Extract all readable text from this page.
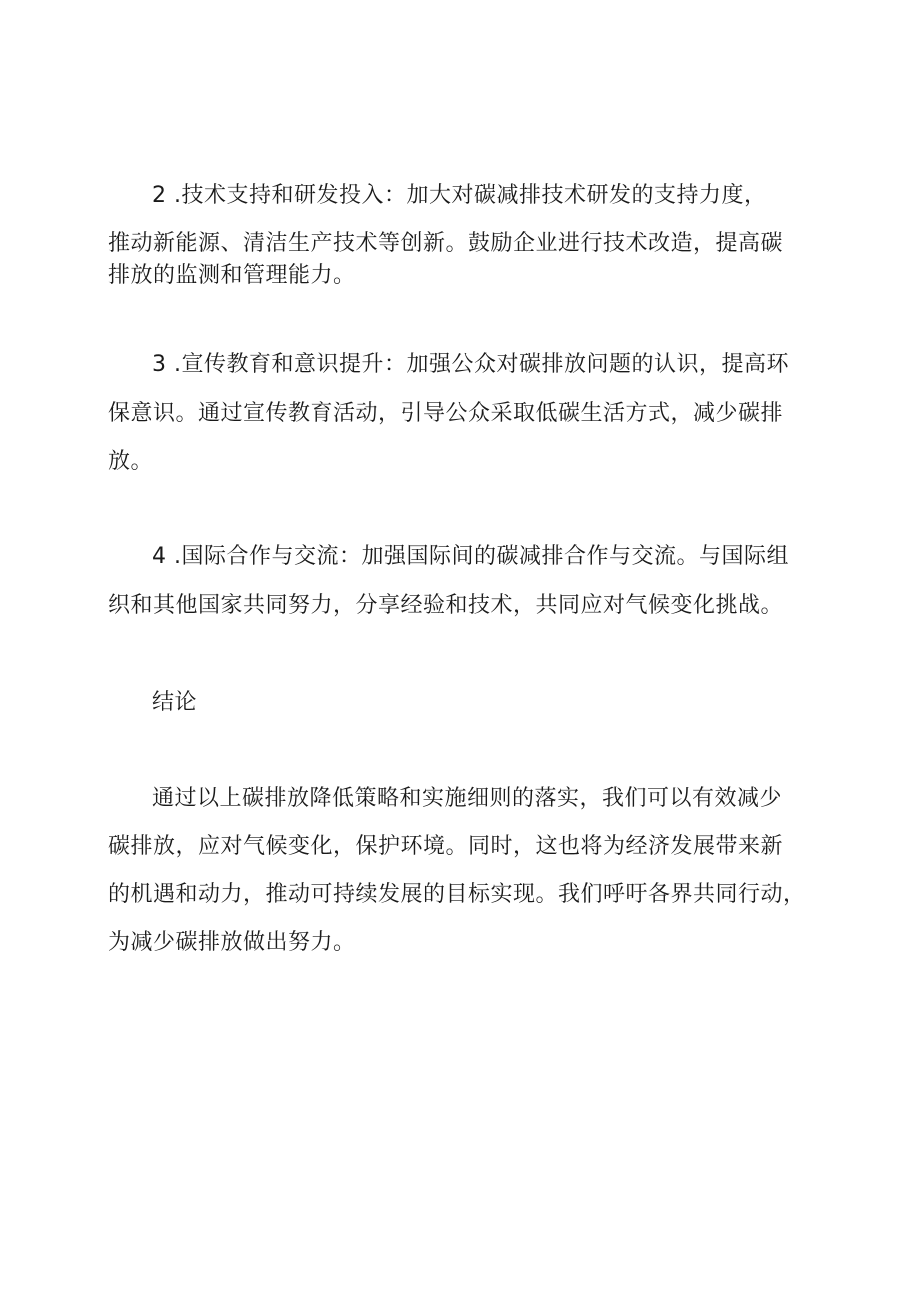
2 .技术支持和研发投入：加大对碳减排技术研发的支持力度，
推动新能源、清洁生产技术等创新。鼓励企业进行技术改造，提高碳
排放的监测和管理能力。
3 .宣传教育和意识提升：加强公众对碳排放问题的认识，提高环
保意识。通过宣传教育活动，引导公众采取低碳生活方式，减少碳排
放。
4 .国际合作与交流：加强国际间的碳减排合作与交流。与国际组
织和其他国家共同努力，分享经验和技术，共同应对气候变化挑战。
结论
通过以上碳排放降低策略和实施细则的落实，我们可以有效减少
碳排放，应对气候变化，保护环境。同时，这也将为经济发展带来新
的机遇和动力，推动可持续发展的目标实现。我们呼吁各界共同行动，
为减少碳排放做出努力。
